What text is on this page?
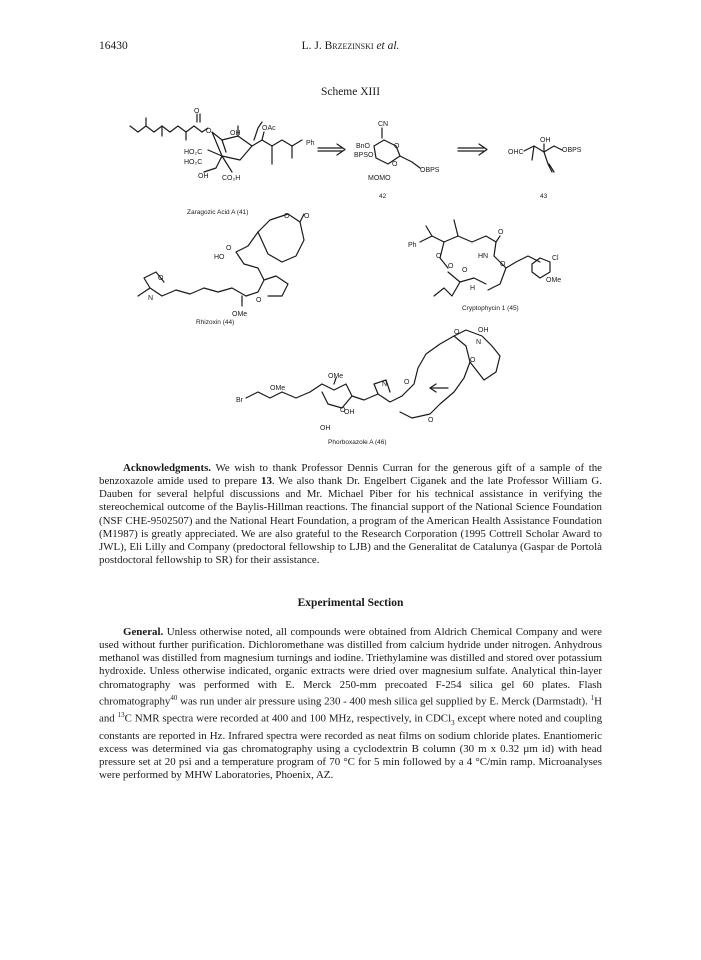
16430	L. J. Brzezinski et al.
Scheme XIII
O
O	OH
HO₂C
HO₂C
CO₂H
OH
OAc
Ph
Zaragozic Acid A (41)
CN
BnO
BPSO
O
O
OBPS
MOMO
42
OH
OHC	OBPS
43
O O
O
HO
O
N
O
OMe
Rhizoxin (44)
Ph
O
O
O
HN
O
Cl
OMe
H
O
Cryptophycin 1 (45)
Br
OMe
OMe
O
OH
OH
N
O	OH
O
N
O
O
Phorboxazole A (46)

Acknowledgments. We wish to thank Professor Dennis Curran for the generous gift of a sample of the benzoxazole amide used to prepare 13. We also thank Dr. Engelbert Ciganek and the late Professor William G. Dauben for several helpful discussions and Mr. Michael Piber for his technical assistance in verifying the stereochemical outcome of the Baylis-Hillman reactions. The financial support of the National Science Foundation (NSF CHE-9502507) and the National Heart Foundation, a program of the American Health Assistance Foundation (M1987) is greatly appreciated. We are also grateful to the Research Corporation (1995 Cottrell Scholar Award to JWL), Eli Lilly and Company (predoctoral fellowship to LJB) and the Generalitat de Catalunya (Gaspar de Portolà postdoctoral fellowship to SR) for their assistance.

Experimental Section

General. Unless otherwise noted, all compounds were obtained from Aldrich Chemical Company and were used without further purification. Dichloromethane was distilled from calcium hydride under nitrogen. Anhydrous methanol was distilled from magnesium turnings and iodine. Triethylamine was distilled and stored over potassium hydroxide. Unless otherwise indicated, organic extracts were dried over magnesium sulfate. Analytical thin-layer chromatography was performed with E. Merck 250-mm precoated F-254 silica gel 60 plates. Flash chromatography$^{40}$ was run under air pressure using 230 - 400 mesh silica gel supplied by E. Merck (Darmstadt). $^1$H and $^{13}$C NMR spectra were recorded at 400 and 100 MHz, respectively, in CDCl$_3$ except where noted and coupling constants are reported in Hz. Infrared spectra were recorded as neat films on sodium chloride plates. Enantiomeric excess was determined via gas chromatography using a cyclodextrin B column (30 m x 0.32 µm id) with head pressure set at 20 psi and a temperature program of 70 °C for 5 min followed by a 4 °C/min ramp. Microanalyses were performed by MHW Laboratories, Phoenix, AZ.
